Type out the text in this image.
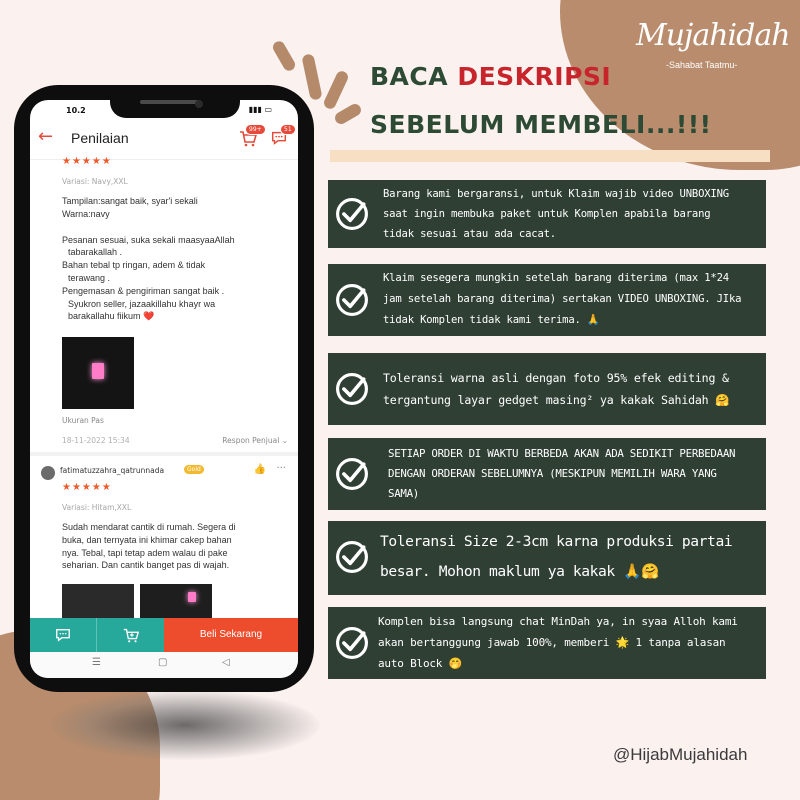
Mujahidah
-Sahabat Taatmu-
BACA DESKRIPSI
SEBELUM MEMBELI...!!!
Barang kami bergaransi, untuk Klaim wajib video UNBOXING saat ingin membuka paket untuk Komplen apabila barang tidak sesuai atau ada cacat.
Klaim sesegera mungkin setelah barang diterima (max 1*24 jam setelah barang diterima) sertakan VIDEO UNBOXING. JIka tidak Komplen tidak kami terima. 🙏
Toleransi warna asli dengan foto 95% efek editing & tergantung layar gedget masing² ya kakak Sahidah 🤗
SETIAP ORDER DI WAKTU BERBEDA AKAN ADA SEDIKIT PERBEDAAN DENGAN ORDERAN SEBELUMNYA (MESKIPUN MEMILIH WARA YANG SAMA)
Toleransi Size 2-3cm karna produksi partai besar. Mohon maklum ya kakak 🙏🤗
Komplen bisa langsung chat MinDah ya, in syaa Alloh kami akan bertanggung jawab 100%, memberi 🌟 1 tanpa alasan auto Block 🤭
10.2	▮▮▮ ▭
← Penilaian
99+	51
★★★★★
Variasi: Navy,XXL
Tampilan:sangat baik, syar'i sekali
Warna:navy
Pesanan sesuai, suka sekali maasyaaAllah
tabarakallah .
Bahan tebal tp ringan, adem & tidak
terawang .
Pengemasan & pengiriman sangat baik .
Syukron seller, jazaakillahu khayr wa
barakallahu fiikum ❤️
Ukuran Pas
18-11-2022 15:34	Respon Penjual ⌄
fatimatuzzahra_qatrunnada	Gold	👍 ···
★★★★★
Variasi: Hitam,XXL
Sudah mendarat cantik di rumah. Segera di
buka, dan ternyata ini khimar cakep bahan
nya. Tebal, tapi tetap adem walau di pake
seharian. Dan cantik banget pas di wajah.
Beli Sekarang
☰	▢	◁
@HijabMujahidah
